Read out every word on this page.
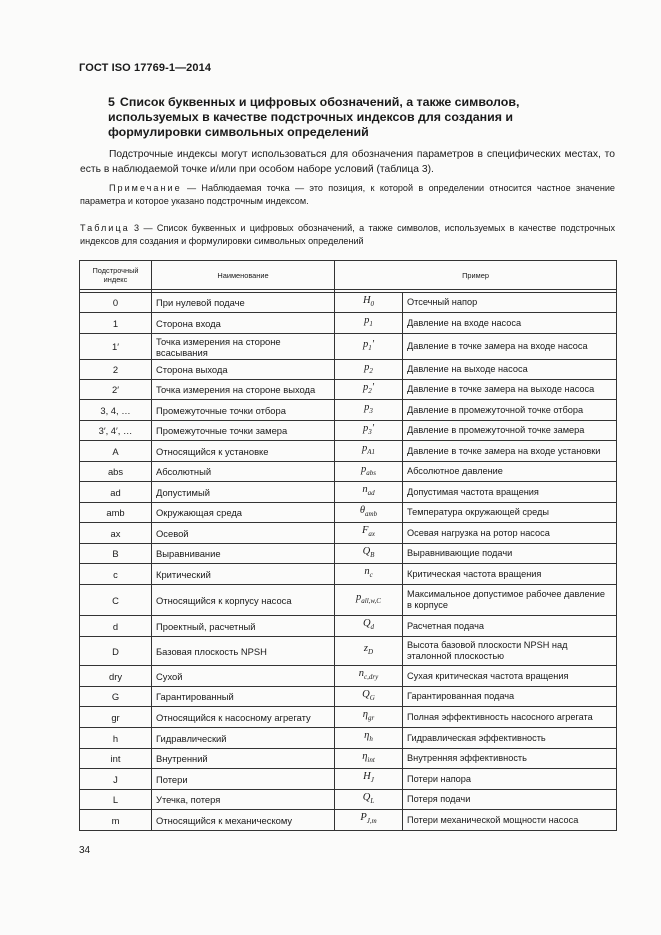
ГОСТ ISO 17769-1—2014
5 Список буквенных и цифровых обозначений, а также символов, используемых в качестве подстрочных индексов для создания и формулировки символьных определений
Подстрочные индексы могут использоваться для обозначения параметров в специфических местах, то есть в наблюдаемой точке и/или при особом наборе условий (таблица 3).
Примечание — Наблюдаемая точка — это позиция, к которой в определении относится частное значение параметра и которое указано подстрочным индексом.
Таблица 3 — Список буквенных и цифровых обозначений, а также символов, используемых в качестве подстрочных индексов для создания и формулировки символьных определений
Подстрочный индекс	Наименование	Пример	

0	При нулевой подаче	$H_0$	Отсечный напор
1	Сторона входа	$p_1$	Давление на входе насоса
1′	Точка измерения на стороне всасывания	$p_1'$	Давление в точке замера на входе насоса
2	Сторона выхода	$p_2$	Давление на выходе насоса
2′	Точка измерения на стороне выхода	$p_2'$	Давление в точке замера на выходе насоса
3, 4, …	Промежуточные точки отбора	$p_3$	Давление в промежуточной точке отбора
3′, 4′, …	Промежуточные точки замера	$p_3'$	Давление в промежуточной точке замера
A	Относящийся к установке	$p_{A1}$	Давление в точке замера на входе установки
abs	Абсолютный	$p_{abs}$	Абсолютное давление
ad	Допустимый	$n_{ad}$	Допустимая частота вращения
amb	Окружающая среда	$\theta_{amb}$	Температура окружающей среды
ax	Осевой	$F_{ax}$	Осевая нагрузка на ротор насоса
B	Выравнивание	$Q_B$	Выравнивающие подачи
c	Критический	$n_c$	Критическая частота вращения
C	Относящийся к корпусу насоса	$p_{all,w,C}$	Максимальное допустимое рабочее давление в корпусе
d	Проектный, расчетный	$Q_d$	Расчетная подача
D	Базовая плоскость NPSH	$z_D$	Высота базовой плоскости NPSH над эталонной плоскостью
dry	Сухой	$n_{c,dry}$	Сухая критическая частота вращения
G	Гарантированный	$Q_G$	Гарантированная подача
gr	Относящийся к насосному агрегату	$\eta_{gr}$	Полная эффективность насосного агрегата
h	Гидравлический	$\eta_h$	Гидравлическая эффективность
int	Внутренний	$\eta_{int}$	Внутренняя эффективность
J	Потери	$H_J$	Потери напора
L	Утечка, потеря	$Q_L$	Потеря подачи
m	Относящийся к механическому	$P_{J,m}$	Потери механической мощности насоса
34
